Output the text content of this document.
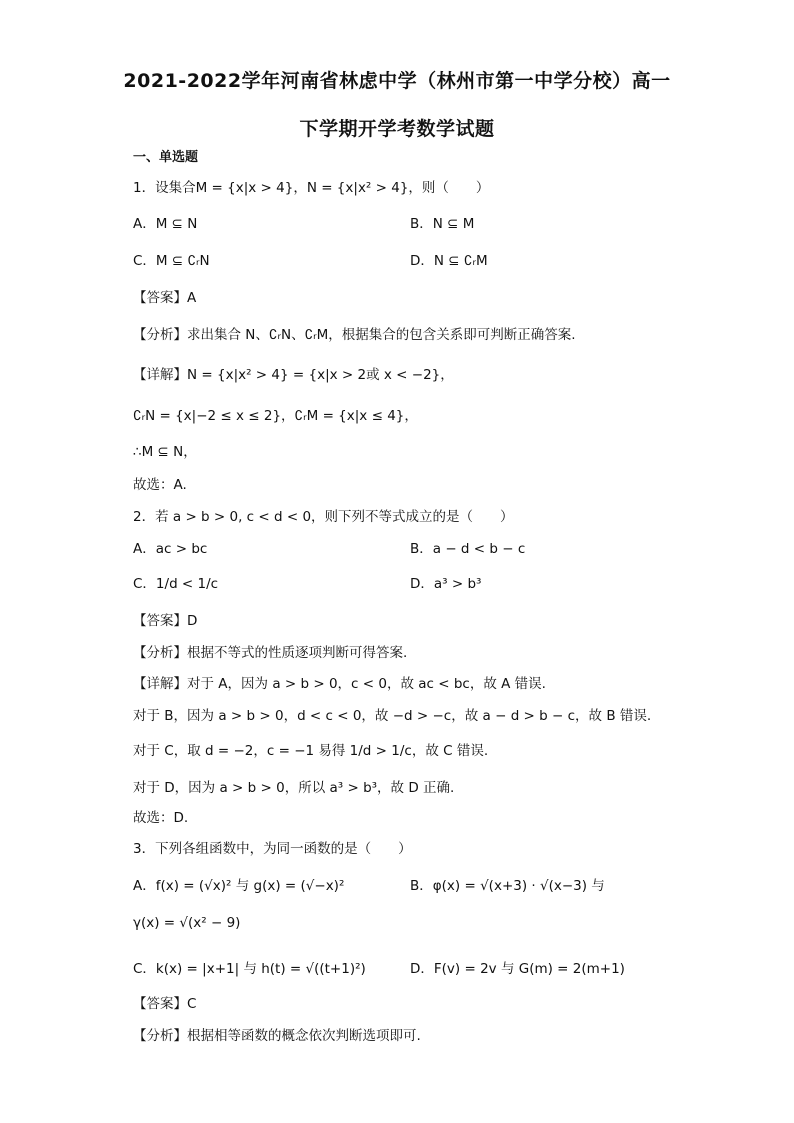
2021-2022学年河南省林虑中学（林州市第一中学分校）高一
下学期开学考数学试题
一、单选题
1．设集合M = {x|x > 4}，N = {x|x² > 4}，则（　　）
A．M ⊆ N	B．N ⊆ M
C．M ⊆ ∁ᵣN	D．N ⊆ ∁ᵣM
【答案】A
【分析】求出集合 N、∁ᵣN、∁ᵣM，根据集合的包含关系即可判断正确答案.
【详解】N = {x|x² > 4} = {x|x > 2或 x < −2}，
∁ᵣN = {x|−2 ≤ x ≤ 2}，∁ᵣM = {x|x ≤ 4}，
∴M ⊆ N，
故选：A.
2．若 a > b > 0, c < d < 0，则下列不等式成立的是（　　）
A．ac > bc	B．a − d < b − c
C．1/d < 1/c	D．a³ > b³
【答案】D
【分析】根据不等式的性质逐项判断可得答案.
【详解】对于 A，因为 a > b > 0，c < 0，故 ac < bc，故 A 错误.
对于 B，因为 a > b > 0，d < c < 0，故 −d > −c，故 a − d > b − c，故 B 错误.
对于 C，取 d = −2，c = −1 易得 1/d > 1/c，故 C 错误.
对于 D，因为 a > b > 0，所以 a³ > b³，故 D 正确.
故选：D.
3．下列各组函数中，为同一函数的是（　　）
A．f(x) = (√x)² 与 g(x) = (√−x)²	B．φ(x) = √(x+3) · √(x−3) 与
γ(x) = √(x² − 9)
C．k(x) = |x+1| 与 h(t) = √((t+1)²)	D．F(v) = 2v 与 G(m) = 2(m+1)
【答案】C
【分析】根据相等函数的概念依次判断选项即可.
